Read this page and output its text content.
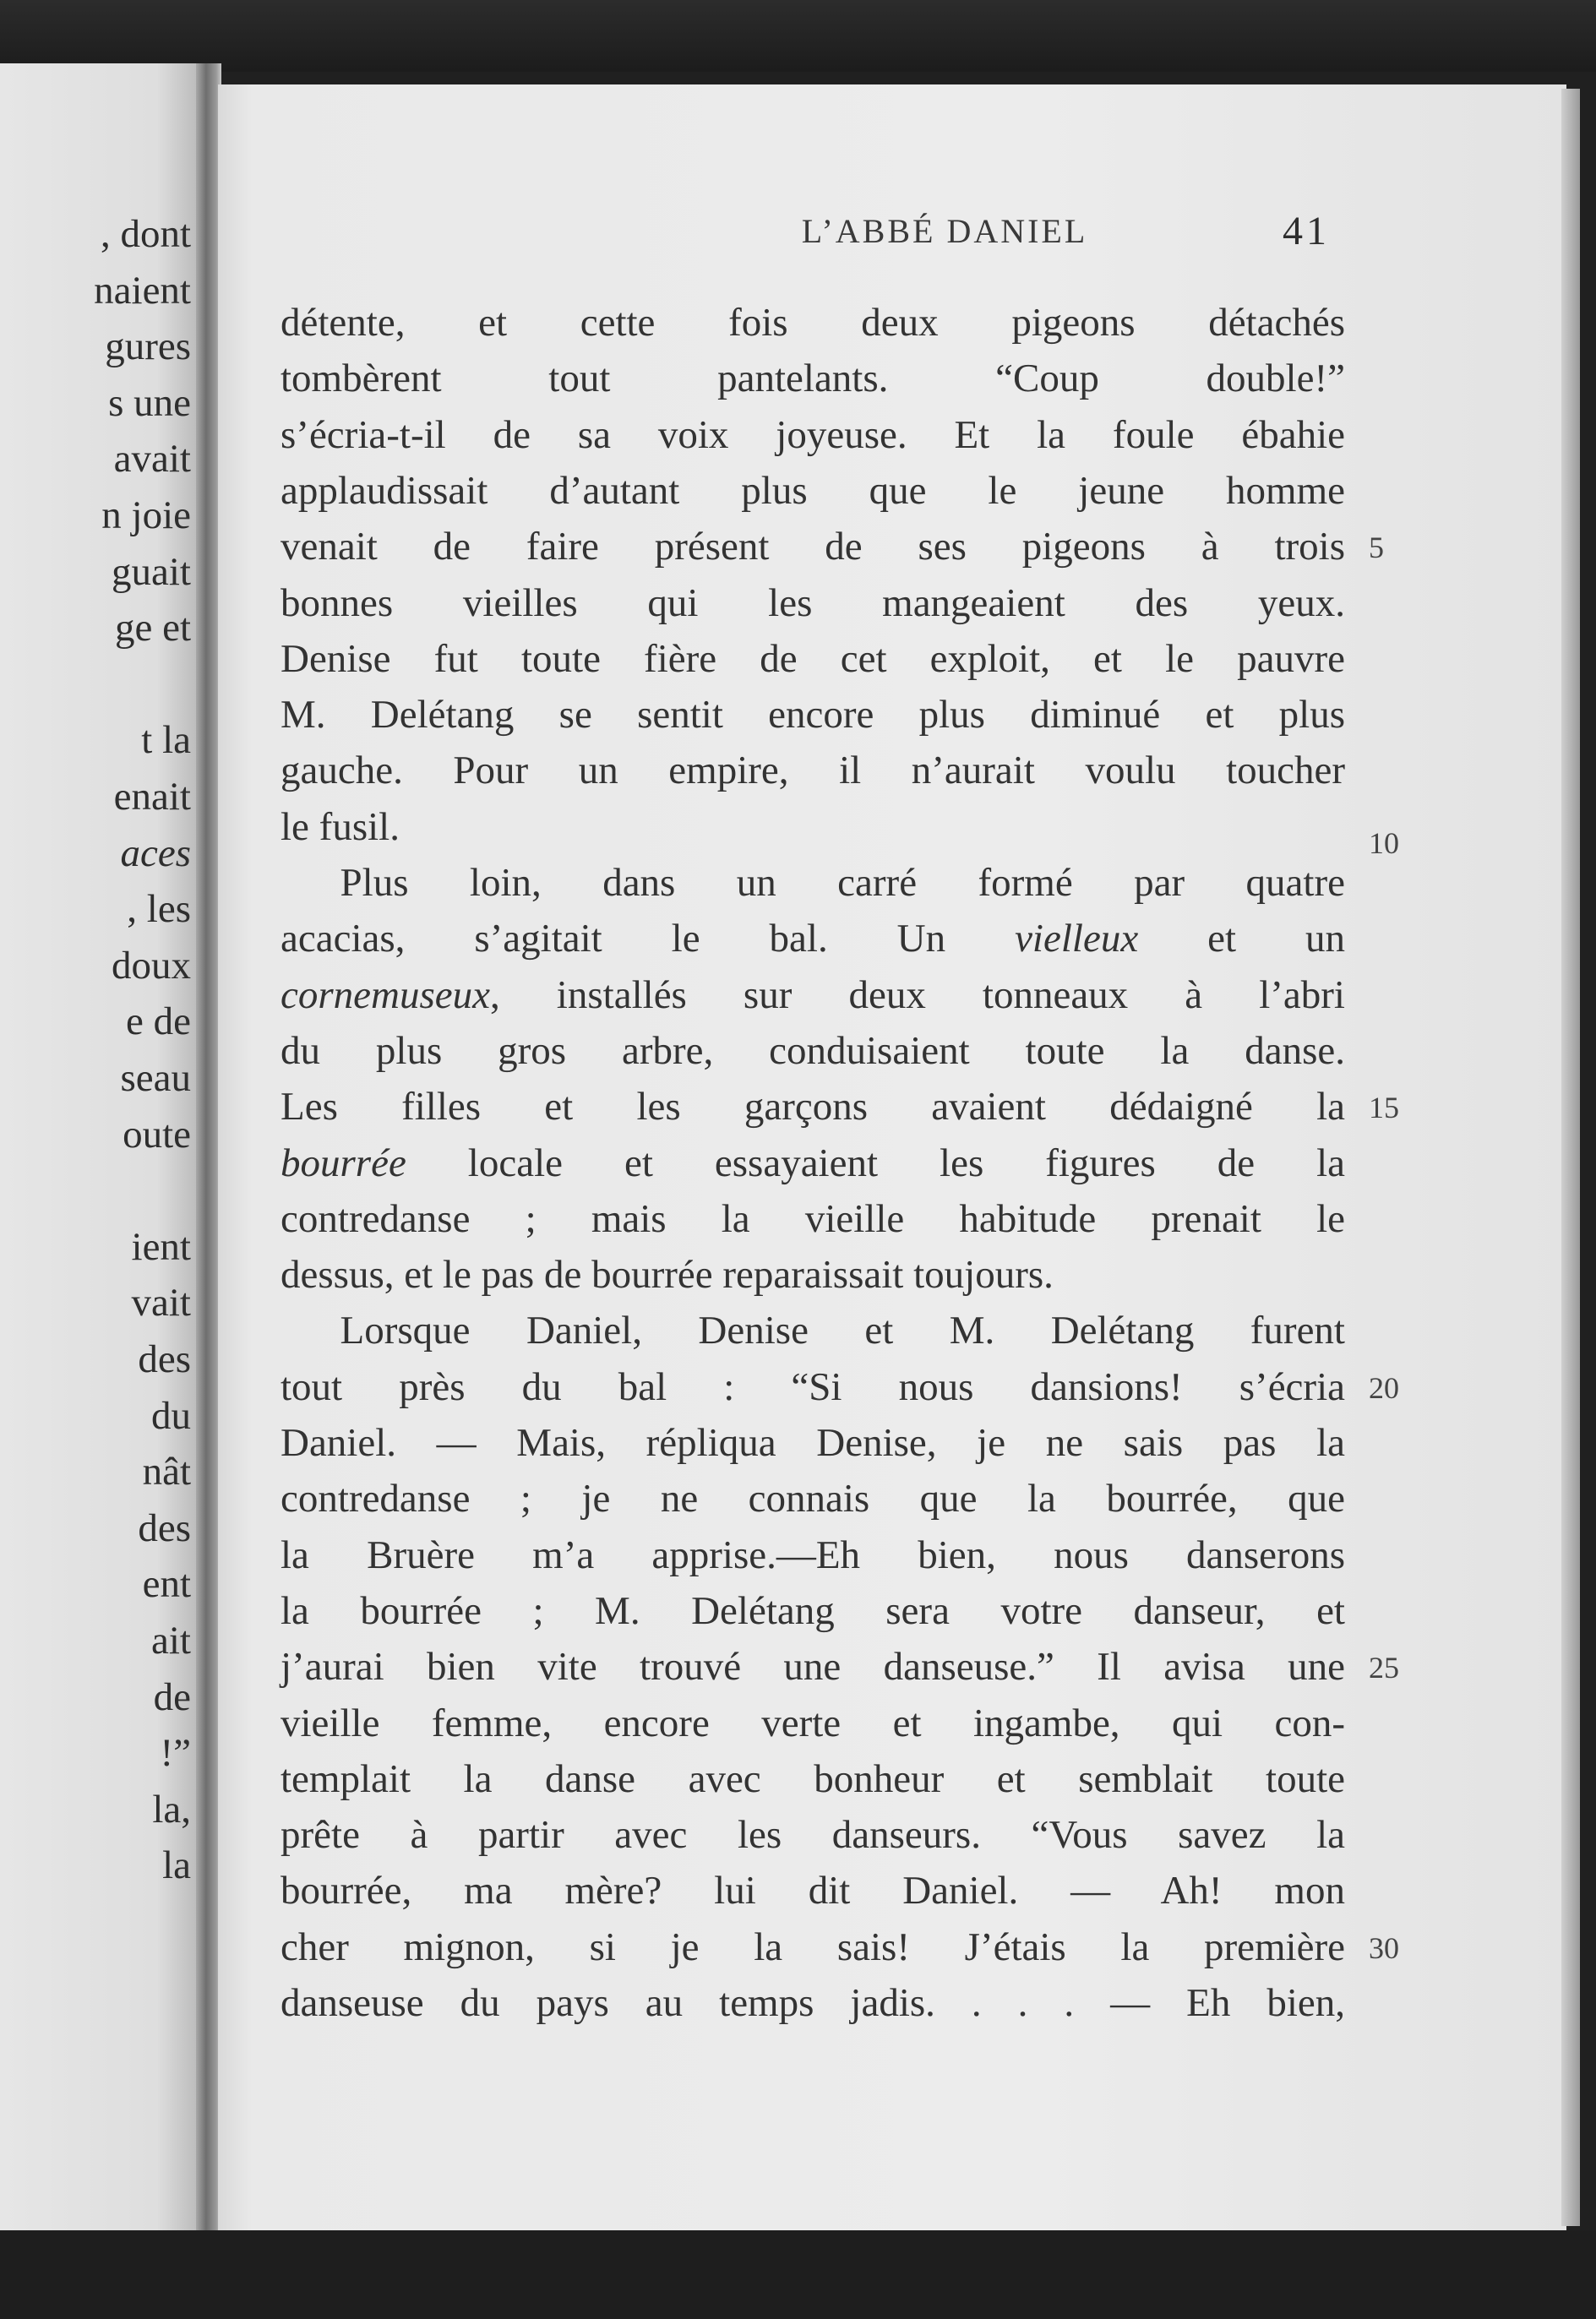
, dont
naient
gures
s une
avait
n joie
guait
ge et
t la
enait
aces
, les
doux
e de
seau
oute
ient
vait
des
du
nât
des
ent
ait
de
!”
la,
la
L’ABBÉ DANIEL	41
détente, et cette fois deux pigeons détachés
tombèrent tout pantelants. “Coup double!”
s’écria-t-il de sa voix joyeuse. Et la foule ébahie
applaudissait d’autant plus que le jeune homme
venait de faire présent de ses pigeons à trois 5
bonnes vieilles qui les mangeaient des yeux.
Denise fut toute fière de cet exploit, et le pauvre
M. Delétang se sentit encore plus diminué et plus
gauche. Pour un empire, il n’aurait voulu toucher
le fusil.	10
  Plus loin, dans un carré formé par quatre
acacias, s’agitait le bal. Un vielleux et un
cornemuseux, installés sur deux tonneaux à l’abri
du plus gros arbre, conduisaient toute la danse.
Les filles et les garçons avaient dédaigné la 15
bourrée locale et essayaient les figures de la
contredanse ; mais la vieille habitude prenait le
dessus, et le pas de bourrée reparaissait toujours.
  Lorsque Daniel, Denise et M. Delétang furent
tout près du bal : “Si nous dansions! s’écria 20
Daniel. — Mais, répliqua Denise, je ne sais pas la
contredanse ; je ne connais que la bourrée, que
la Bruère m’a apprise.—Eh bien, nous danserons
la bourrée ; M. Delétang sera votre danseur, et
j’aurai bien vite trouvé une danseuse.” Il avisa une 25
vieille femme, encore verte et ingambe, qui con-
templait la danse avec bonheur et semblait toute
prête à partir avec les danseurs. “Vous savez la
bourrée, ma mère? lui dit Daniel. — Ah! mon
cher mignon, si je la sais! J’étais la première 30
danseuse du pays au temps jadis. . . . — Eh bien,
